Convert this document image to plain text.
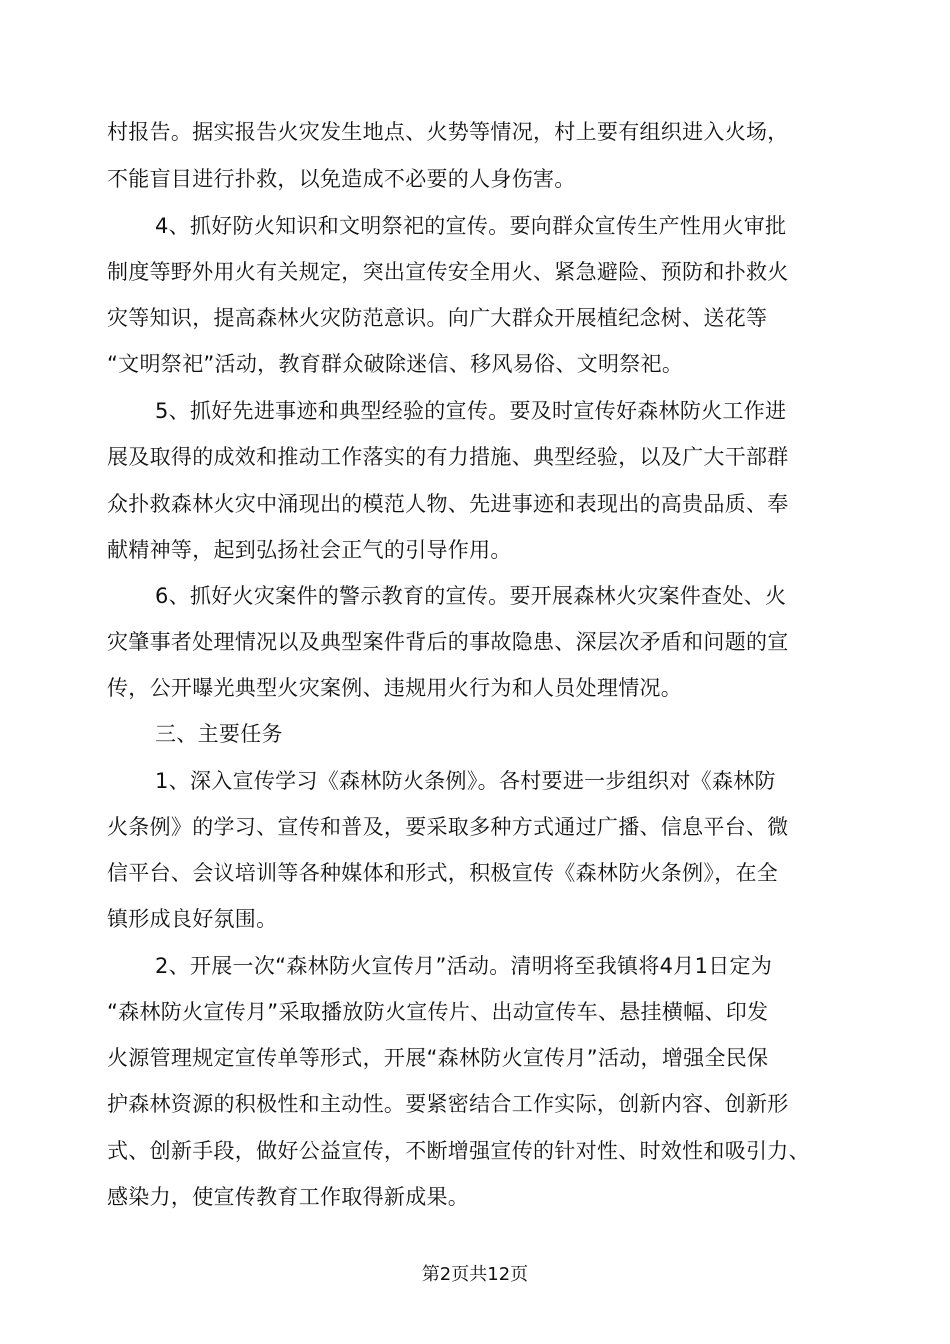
村报告。据实报告火灾发生地点、火势等情况，村上要有组织进入火场，
不能盲目进行扑救，以免造成不必要的人身伤害。
4、抓好防火知识和文明祭祀的宣传。要向群众宣传生产性用火审批
制度等野外用火有关规定，突出宣传安全用火、紧急避险、预防和扑救火
灾等知识，提高森林火灾防范意识。向广大群众开展植纪念树、送花等
“文明祭祀”活动，教育群众破除迷信、移风易俗、文明祭祀。
5、抓好先进事迹和典型经验的宣传。要及时宣传好森林防火工作进
展及取得的成效和推动工作落实的有力措施、典型经验，以及广大干部群
众扑救森林火灾中涌现出的模范人物、先进事迹和表现出的高贵品质、奉
献精神等，起到弘扬社会正气的引导作用。
6、抓好火灾案件的警示教育的宣传。要开展森林火灾案件查处、火
灾肇事者处理情况以及典型案件背后的事故隐患、深层次矛盾和问题的宣
传，公开曝光典型火灾案例、违规用火行为和人员处理情况。
三、主要任务
1、深入宣传学习《森林防火条例》。各村要进一步组织对《森林防
火条例》的学习、宣传和普及，要采取多种方式通过广播、信息平台、微
信平台、会议培训等各种媒体和形式，积极宣传《森林防火条例》，在全
镇形成良好氛围。
2、开展一次“森林防火宣传月”活动。清明将至我镇将4月1日定为
“森林防火宣传月”采取播放防火宣传片、出动宣传车、悬挂横幅、印发
火源管理规定宣传单等形式，开展“森林防火宣传月”活动，增强全民保
护森林资源的积极性和主动性。要紧密结合工作实际，创新内容、创新形
式、创新手段，做好公益宣传，不断增强宣传的针对性、时效性和吸引力、
感染力，使宣传教育工作取得新成果。
第2页共12页
